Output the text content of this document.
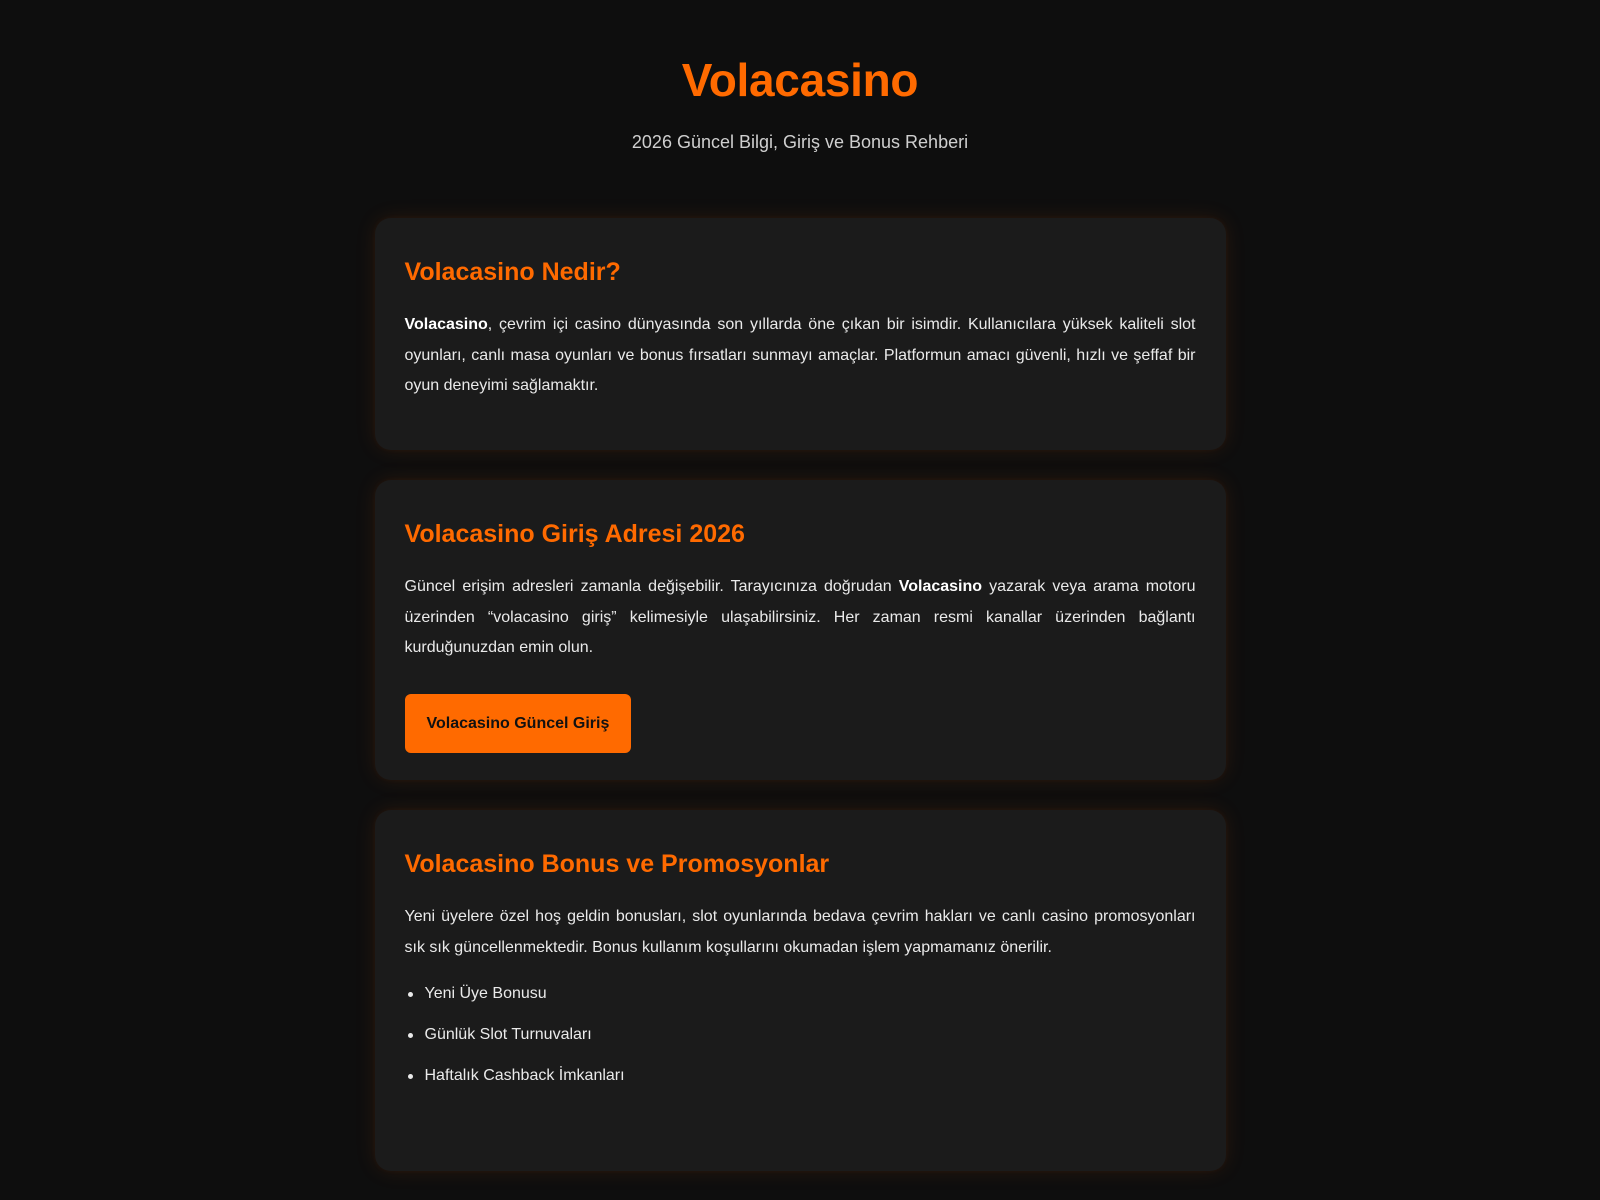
Volacasino
2026 Güncel Bilgi, Giriş ve Bonus Rehberi
Volacasino Nedir?

Volacasino, çevrim içi casino dünyasında son yıllarda öne çıkan bir isimdir. Kullanıcılara yüksek kaliteli slot oyunları, canlı masa oyunları ve bonus fırsatları sunmayı amaçlar. Platformun amacı güvenli, hızlı ve şeffaf bir oyun deneyimi sağlamaktır.

Volacasino Giriş Adresi 2026

Güncel erişim adresleri zamanla değişebilir. Tarayıcınıza doğrudan Volacasino yazarak veya arama motoru üzerinden “volacasino giriş” kelimesiyle ulaşabilirsiniz. Her zaman resmi kanallar üzerinden bağlantı kurduğunuzdan emin olun.

Volacasino Güncel Giriş
Volacasino Bonus ve Promosyonlar

Yeni üyelere özel hoş geldin bonusları, slot oyunlarında bedava çevrim hakları ve canlı casino promosyonları sık sık güncellenmektedir. Bonus kullanım koşullarını okumadan işlem yapmamanız önerilir.

Yeni Üye Bonusu
Günlük Slot Turnuvaları
Haftalık Cashback İmkanları
